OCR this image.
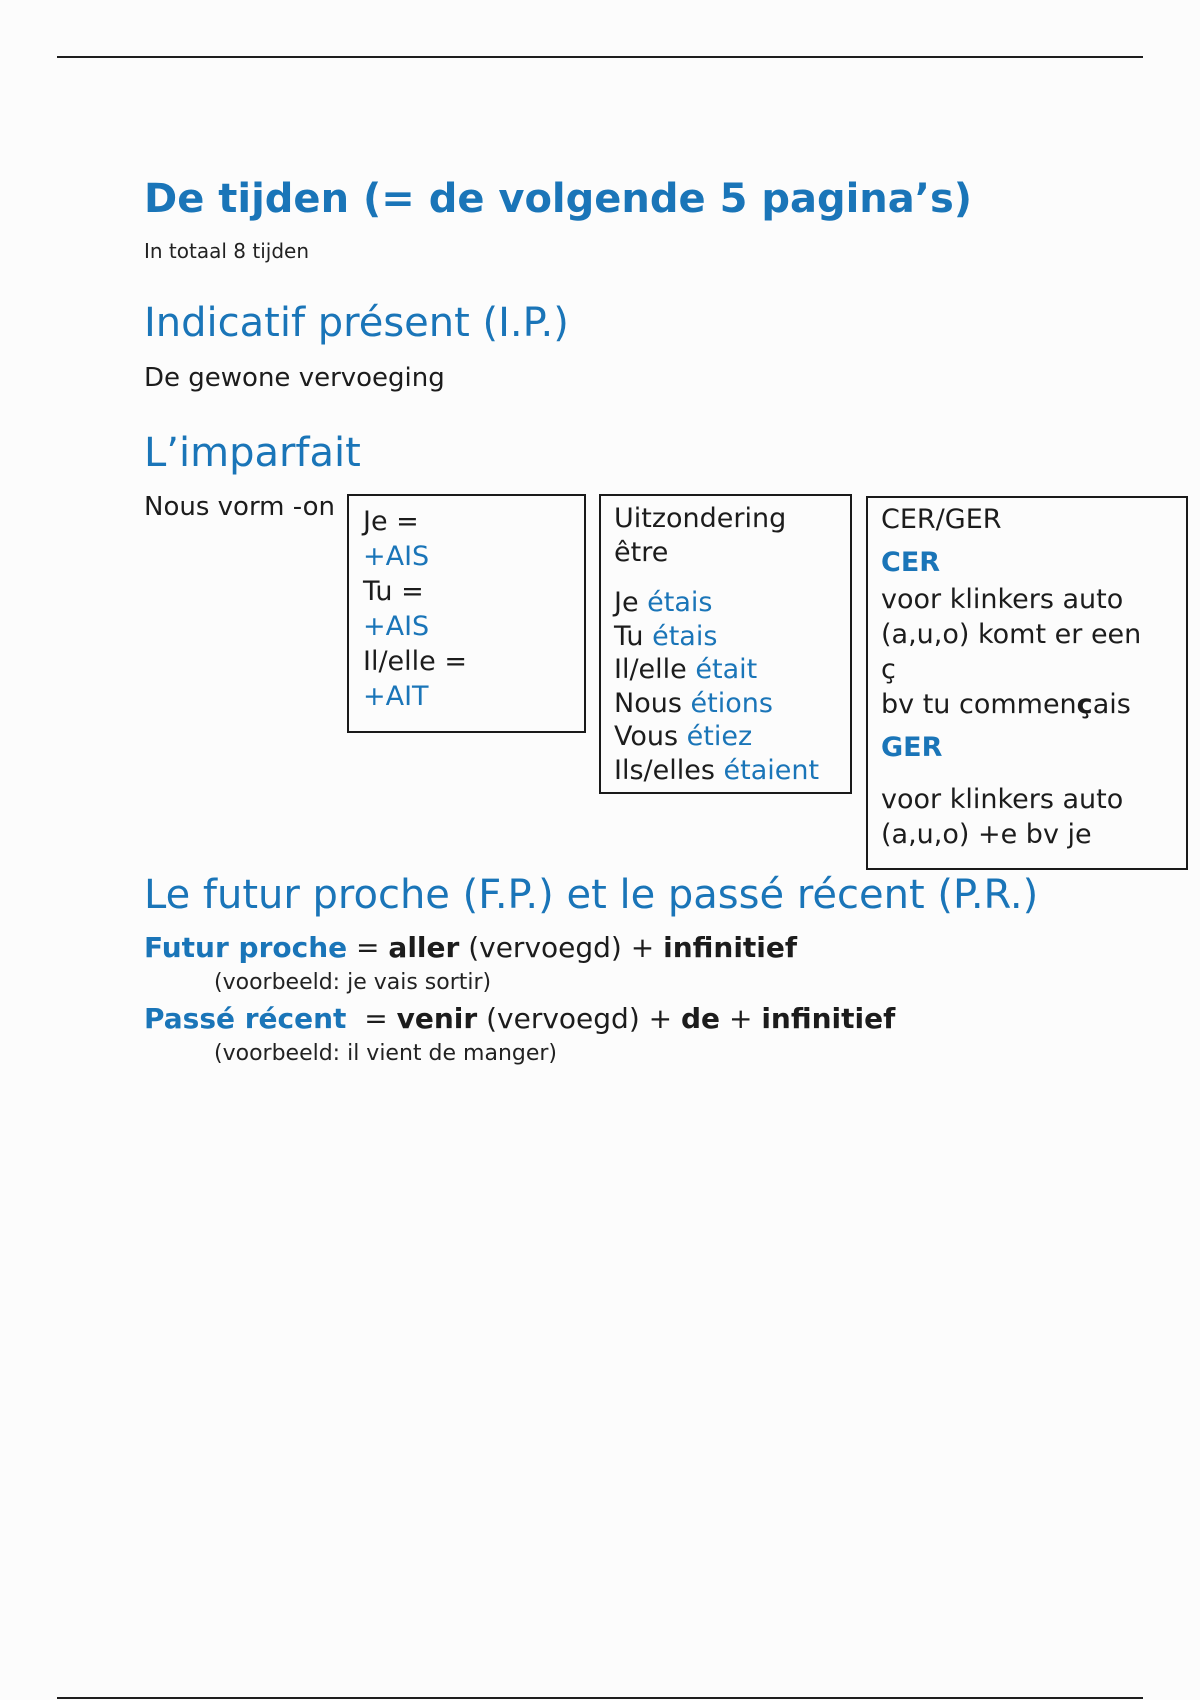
De tijden (= de volgende 5 pagina’s)
In totaal 8 tijden
Indicatif présent (I.P.)
De gewone vervoeging
L’imparfait
Nous vorm -on Je =
+AIS
Tu =
+AIS
Il/elle =
+AIT
Uitzondering
être
Je étais
Tu étais
Il/elle était
Nous étions
Vous étiez
Ils/elles étaient
CER/GER
CER
voor klinkers auto
(a,u,o) komt er een
ç
bv tu commençais
GER
voor klinkers auto
(a,u,o) +e bv je
Le futur proche (F.P.) et le passé récent (P.R.)
Futur proche = aller (vervoegd) + infinitief
(voorbeeld: je vais sortir)
Passé récent  = venir (vervoegd) + de + infinitief
(voorbeeld: il vient de manger)
